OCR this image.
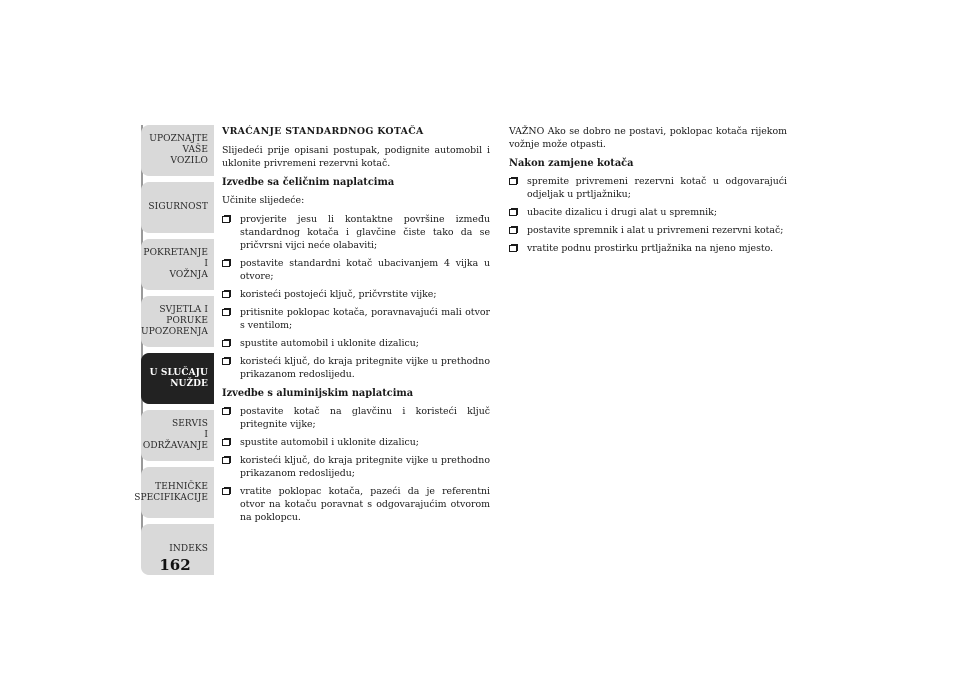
UPOZNAJTE
VAŠE
VOZILO
SIGURNOST
POKRETANJE
I
VOŽNJA
SVJETLA I
PORUKE
UPOZORENJA
U SLUČAJU
NUŽDE
SERVIS
I
ODRŽAVANJE
TEHNIČKE
SPECIFIKACIJE
INDEKS
162
VRAĆANJE STANDARDNOG KOTAČA

Slijedeći prije opisani postupak, podignite automobil i uklonite privremeni rezervni kotač.

Izvedbe sa čeličnim naplatcima

Učinite slijedeće:

provjerite jesu li kontaktne površine između standardnog kotača i glavčine čiste tako da se pričvrsni vijci neće olabaviti;
postavite standardni kotač ubacivanjem 4 vijka u otvore;
koristeći postojeći ključ, pričvrstite vijke;
pritisnite poklopac kotača, poravnavajući mali otvor s ventilom;
spustite automobil i uklonite dizalicu;
koristeći ključ, do kraja pritegnite vijke u prethodno prikazanom redoslijedu.
Izvedbe s aluminijskim naplatcima
postavite kotač na glavčinu i koristeći ključ pritegnite vijke;
spustite automobil i uklonite dizalicu;
koristeći ključ, do kraja pritegnite vijke u prethodno prikazanom redoslijedu;
vratite poklopac kotača, pazeći da je referentni otvor na kotaču poravnat s odgovarajućim otvorom na poklopcu.

VAŽNO Ako se dobro ne postavi, poklopac kotača rijekom vožnje može otpasti.

Nakon zamjene kotača
spremite privremeni rezervni kotač u odgovarajući odjeljak u prtljažniku;
ubacite dizalicu i drugi alat u spremnik;
postavite spremnik i alat u privremeni rezervni kotač;
vratite podnu prostirku prtljažnika na njeno mjesto.
